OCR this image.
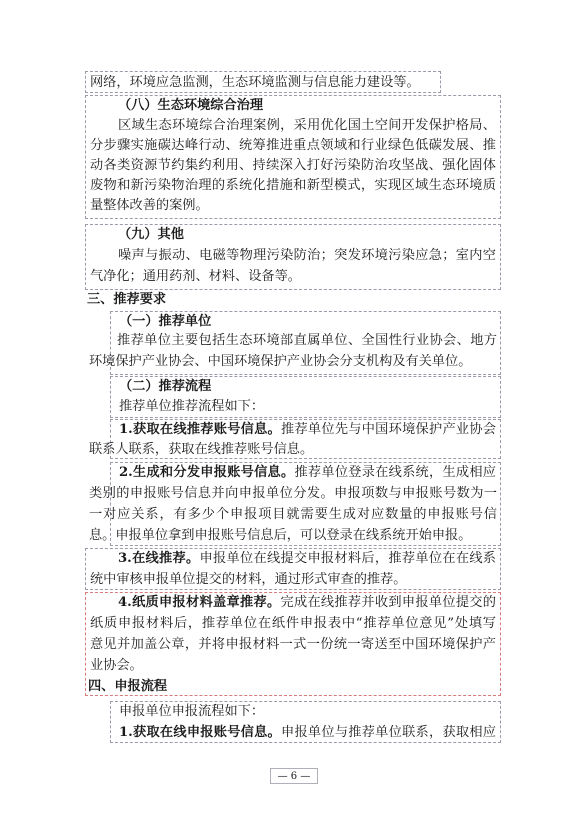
网络，环境应急监测，生态环境监测与信息能力建设等。
（八）生态环境综合治理
区域生态环境综合治理案例，采用优化国土空间开发保护格局、
分步骤实施碳达峰行动、统筹推进重点领域和行业绿色低碳发展、推
动各类资源节约集约利用、持续深入打好污染防治攻坚战、强化固体
废物和新污染物治理的系统化措施和新型模式，实现区域生态环境质
量整体改善的案例。
（九）其他
噪声与振动、电磁等物理污染防治；突发环境污染应急；室内空
气净化；通用药剂、材料、设备等。
三、推荐要求
（一）推荐单位
推荐单位主要包括生态环境部直属单位、全国性行业协会、地方
环境保护产业协会、中国环境保护产业协会分支机构及有关单位。
（二）推荐流程
推荐单位推荐流程如下：
1.获取在线推荐账号信息。推荐单位先与中国环境保护产业协会
联系人联系，获取在线推荐账号信息。
2.生成和分发申报账号信息。推荐单位登录在线系统，生成相应
类别的申报账号信息并向申报单位分发。申报项数与申报账号数为一
一对应关系，有多少个申报项目就需要生成对应数量的申报账号信
息。申报单位拿到申报账号信息后，可以登录在线系统开始申报。
3.在线推荐。申报单位在线提交申报材料后，推荐单位在在线系
统中审核申报单位提交的材料，通过形式审查的推荐。
4.纸质申报材料盖章推荐。完成在线推荐并收到申报单位提交的
纸质申报材料后，推荐单位在纸件申报表中“推荐单位意见”处填写
意见并加盖公章，并将申报材料一式一份统一寄送至中国环境保护产
业协会。
四、申报流程
申报单位申报流程如下：
1.获取在线申报账号信息。申报单位与推荐单位联系，获取相应
— 6 —
